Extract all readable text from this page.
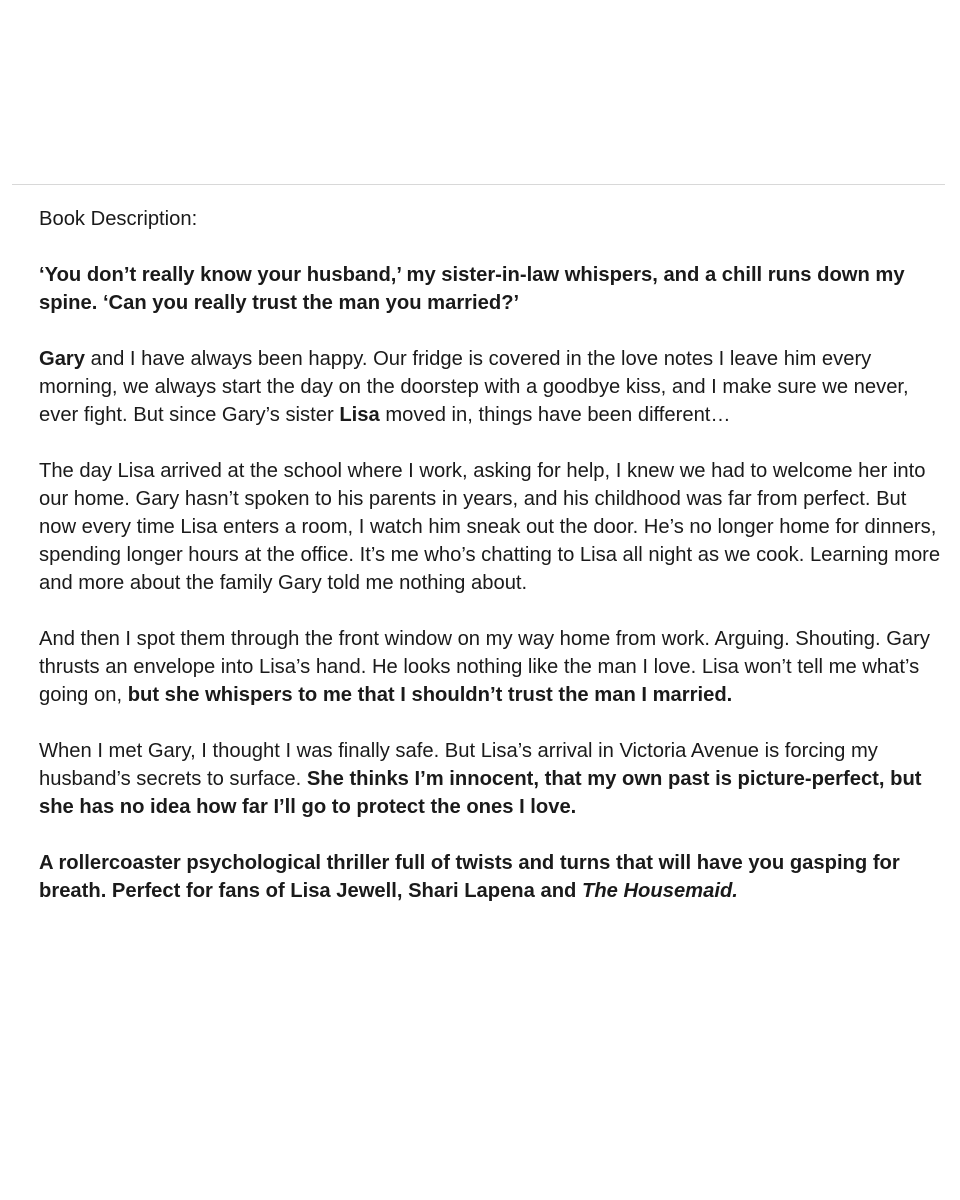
Book Description:

‘You don’t really know your husband,’ my sister-in-law whispers, and a chill runs down my spine. ‘Can you really trust the man you married?’

Gary and I have always been happy. Our fridge is covered in the love notes I leave him every morning, we always start the day on the doorstep with a goodbye kiss, and I make sure we never, ever fight. But since Gary’s sister Lisa moved in, things have been different…

The day Lisa arrived at the school where I work, asking for help, I knew we had to welcome her into our home. Gary hasn’t spoken to his parents in years, and his childhood was far from perfect. But now every time Lisa enters a room, I watch him sneak out the door. He’s no longer home for dinners, spending longer hours at the office. It’s me who’s chatting to Lisa all night as we cook. Learning more and more about the family Gary told me nothing about.

And then I spot them through the front window on my way home from work. Arguing. Shouting. Gary thrusts an envelope into Lisa’s hand. He looks nothing like the man I love. Lisa won’t tell me what’s going on, but she whispers to me that I shouldn’t trust the man I married.

When I met Gary, I thought I was finally safe. But Lisa’s arrival in Victoria Avenue is forcing my husband’s secrets to surface. She thinks I’m innocent, that my own past is picture-perfect, but she has no idea how far I’ll go to protect the ones I love.

A rollercoaster psychological thriller full of twists and turns that will have you gasping for breath. Perfect for fans of Lisa Jewell, Shari Lapena and The Housemaid.
